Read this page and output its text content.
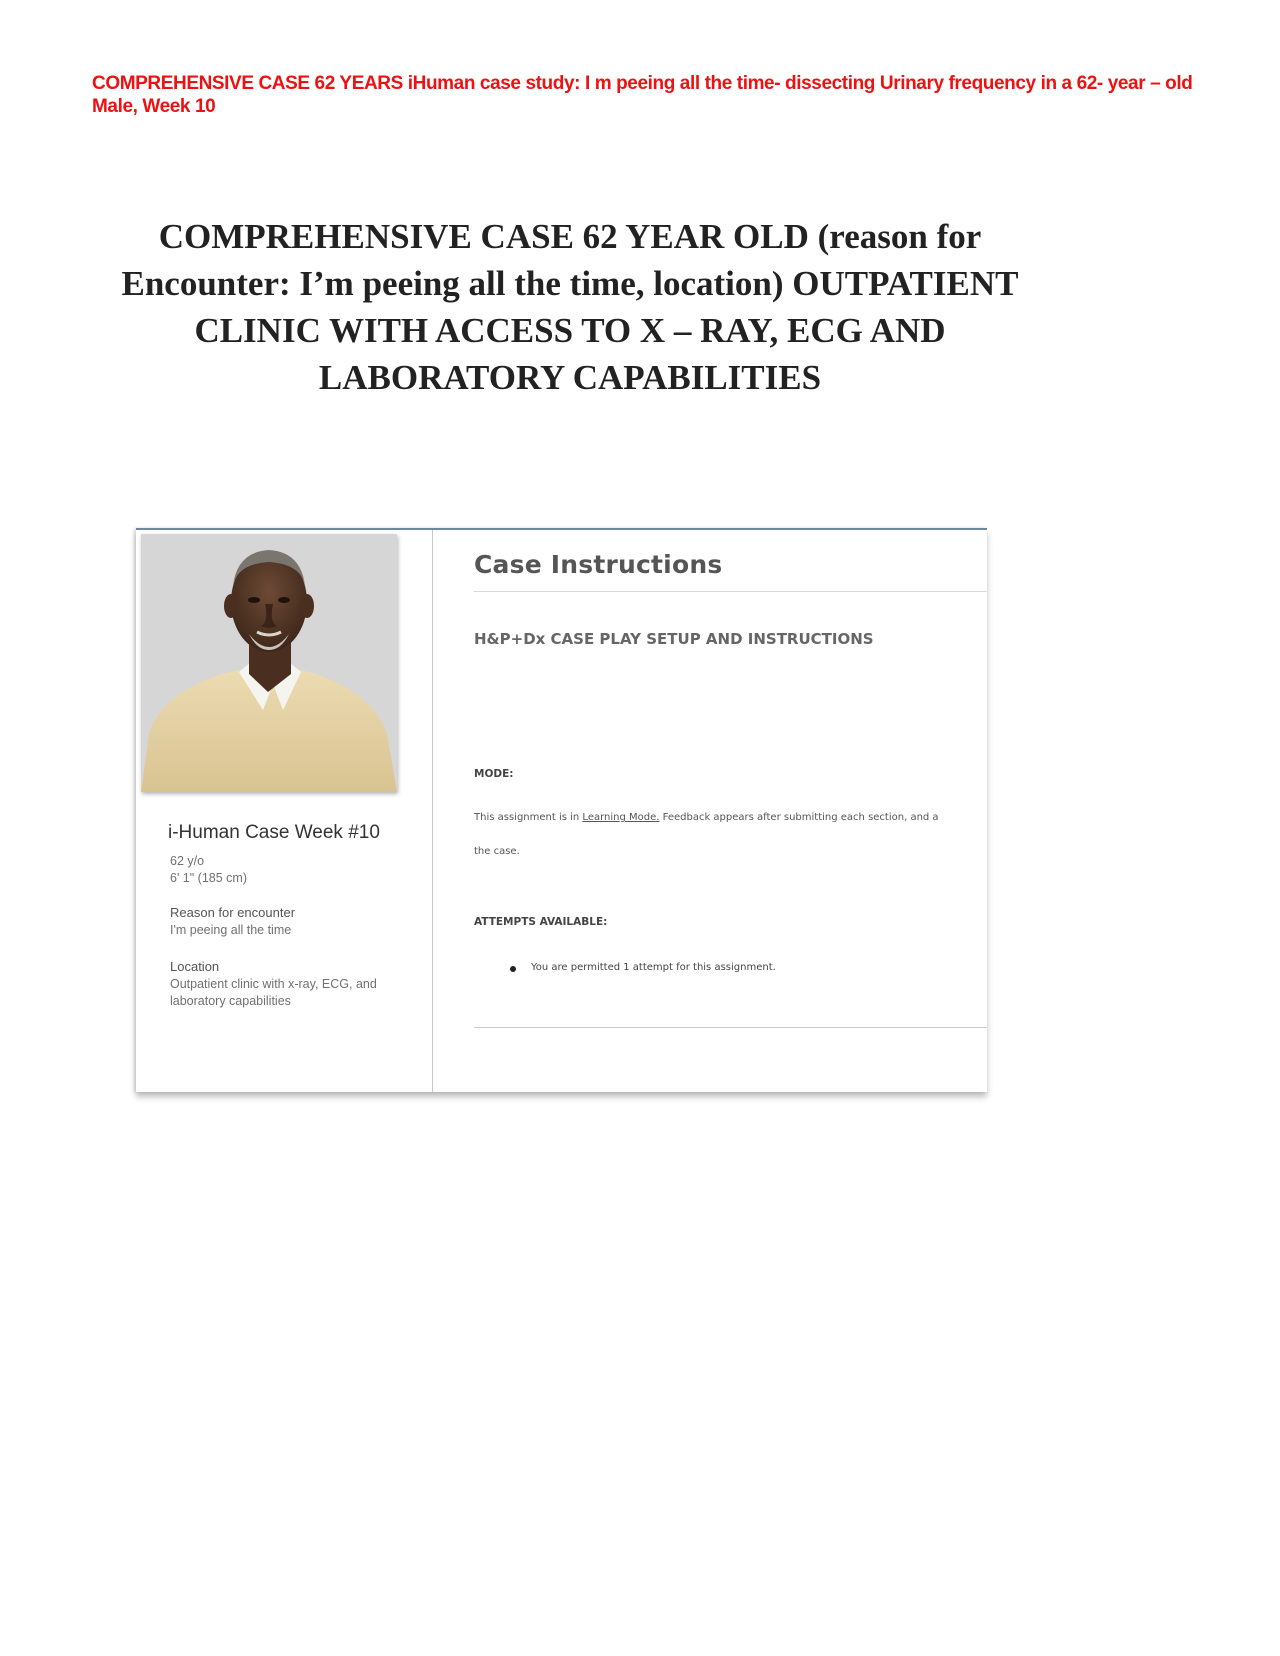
COMPREHENSIVE CASE 62 YEARS iHuman case study: I m peeing all the time- dissecting Urinary frequency in a 62- year – old Male, Week 10
COMPREHENSIVE CASE 62 YEAR OLD (reason for Encounter: I’m peeing all the time, location) OUTPATIENT CLINIC WITH ACCESS TO X – RAY, ECG AND LABORATORY CAPABILITIES
i-Human Case Week #10
62 y/o
6' 1" (185 cm)
Reason for encounter
I'm peeing all the time
Location
Outpatient clinic with x-ray, ECG, and
laboratory capabilities
Case Instructions
H&P+Dx CASE PLAY SETUP AND INSTRUCTIONS
MODE:
This assignment is in Learning Mode. Feedback appears after submitting each section, and a
the case.
ATTEMPTS AVAILABLE:
You are permitted 1 attempt for this assignment.
